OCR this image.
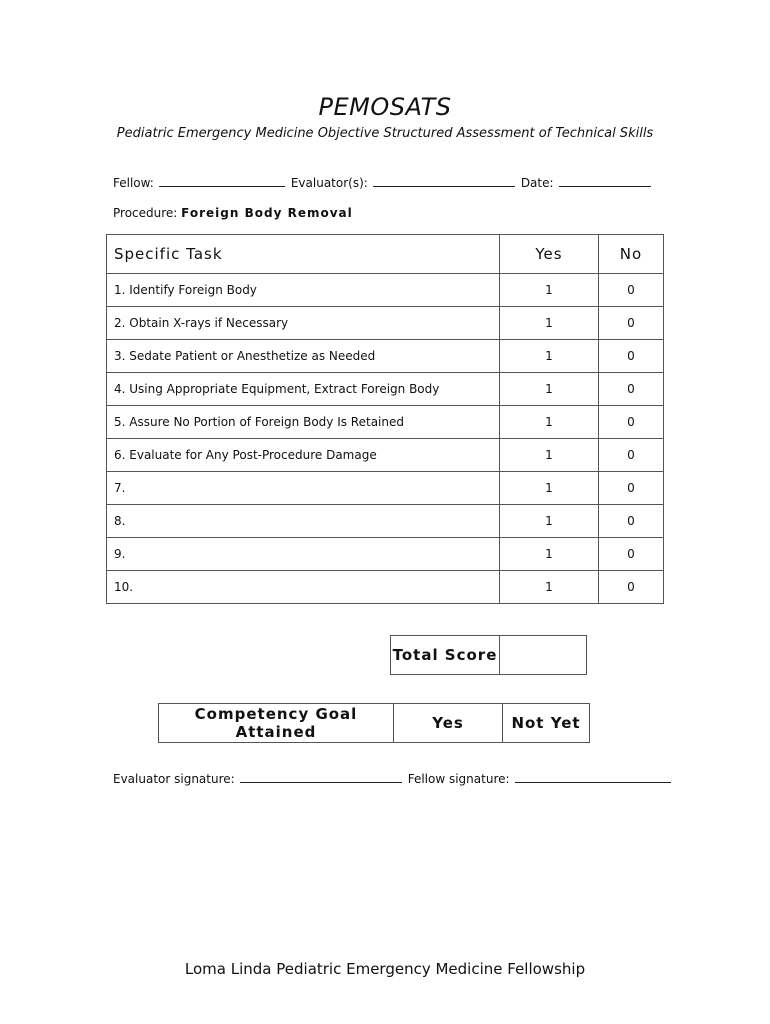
PEMOSATS
Pediatric Emergency Medicine Objective Structured Assessment of Technical Skills
Fellow:	Evaluator(s):	Date:
Procedure: Foreign Body Removal
Specific Task	Yes	No
1. Identify Foreign Body	1	0
2. Obtain X-rays if Necessary	1	0
3. Sedate Patient or Anesthetize as Needed	1	0
4. Using Appropriate Equipment, Extract Foreign Body	1	0
5. Assure No Portion of Foreign Body Is Retained	1	0
6. Evaluate for Any Post-Procedure Damage	1	0
7.	1	0
8.	1	0
9.	1	0
10.	1	0
Total Score	
Competency Goal Attained	Yes	Not Yet
Evaluator signature:	Fellow signature:
Loma Linda Pediatric Emergency Medicine Fellowship
